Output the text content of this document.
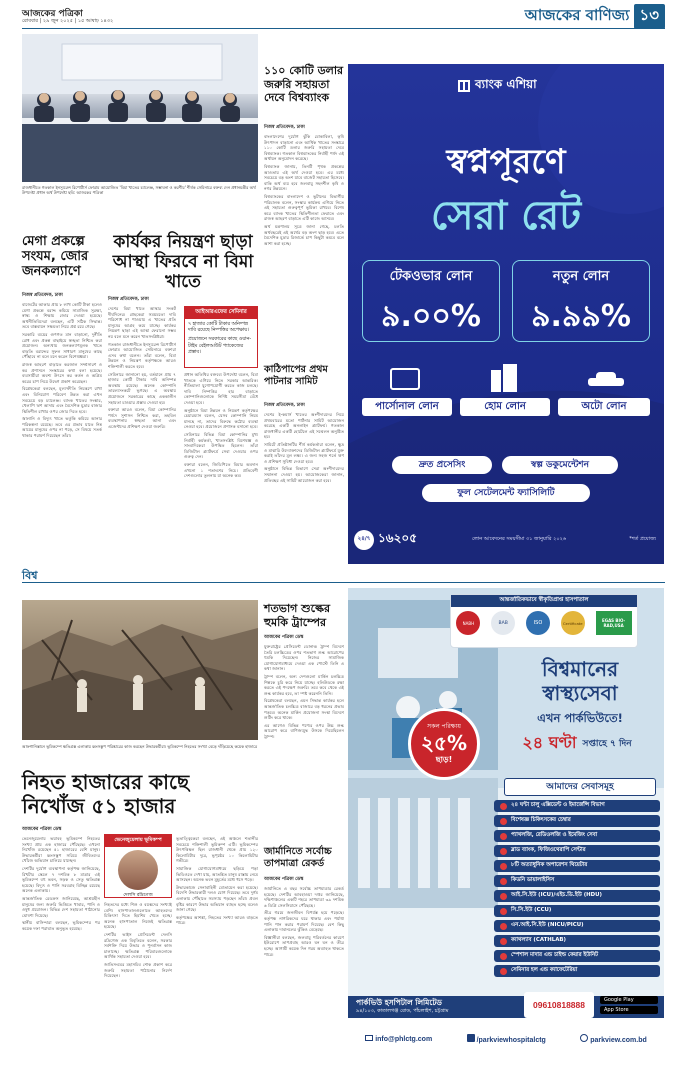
আজকের পত্রিকা
রোববার | ২৯ জুন ২০২৫ | ১৫ আষাঢ় ১৪৩২	আজকের বাণিজ্য ১৩
রাজধানীতে গতকাল ইনস্যুরেন্স রিপোর্টার্স ফোরাম আয়োজিত 'বিমা খাতের চ্যালেঞ্জ, সম্ভাবনা ও করণীয়' শীর্ষক সেমিনারে বক্তব্য দেন প্রধানমন্ত্রীর অর্থ উপদেষ্টা প্রধান অর্থ উপদেষ্টা ছবি: আজকের পত্রিকা
মেগা প্রকল্পে সংযম, জোর জনকল্যাণে
নিজস্ব প্রতিবেদক, ঢাকা

বাজেটের আকার প্রায় ৮ লাখ কোটি টাকা হলেও মেগা প্রকল্পে বরাদ্দ কমিয়ে সামাজিক সুরক্ষা, স্বাস্থ্য ও শিক্ষায় জোর দেওয়া হয়েছে। অর্থনীতিবিদেরা বলছেন, এটি সঠিক সিদ্ধান্ত। তবে বাস্তবায়ন সক্ষমতা নিয়ে প্রশ্ন রয়ে গেছে।

সরকারি ব্যয়ের গুণগত মান বাড়ানো, দুর্নীতি রোধ এবং প্রকল্প বাছাইয়ে স্বচ্ছতা নিশ্চিত করা প্রয়োজন। অন্যথায় জনকল্যাণমূলক খাতে বাড়তি বরাদ্দের সুফল সাধারণ মানুষের কাছে পৌঁছাবে না বলে মনে করেন বিশেষজ্ঞরা।

রাজস্ব আহরণ বাড়াতে করজাল সম্প্রসারণ ও কর প্রশাসনে সংস্কারের কথা বলা হয়েছে। ব্যবসায়ীরা অবশ্য উৎসে কর কর্তন ও অগ্রিম করের চাপ নিয়ে উদ্বেগ প্রকাশ করেছেন।

বিশ্লেষকেরা বলছেন, মূল্যস্ফীতি নিয়ন্ত্রণে রাখা এবং বিনিয়োগ পরিবেশ উন্নত করা এখন সবচেয়ে বড় চ্যালেঞ্জ। ব্যাংক খাতের সংস্কার, খেলাপি ঋণ আদায় এবং বৈদেশিক মুদ্রার বাজার স্থিতিশীল রাখার ওপর জোর দিতে হবে।

জ্বালানি ও বিদ্যুৎ খাতে ভর্তুকি কমিয়ে আনার পরিকল্পনা রয়েছে। তবে এর প্রভাব যাতে নিম্ন আয়ের মানুষের ওপর না পড়ে, সে বিষয়ে সতর্ক থাকার পরামর্শ দিয়েছেন তাঁরা।

কার্যকর নিয়ন্ত্রণ ছাড়া আস্থা ফিরবে না বিমা খাতে
নিজস্ব প্রতিবেদক, ঢাকা

দেশের বিমা খাতে আস্থার সংকট দীর্ঘদিনের। গ্রাহকেরা সময়মতো দাবি পরিশোধ না পাওয়ায় এ খাতের প্রতি মানুষের আগ্রহ কমে যাচ্ছে। কার্যকর নিয়ন্ত্রণ ছাড়া এই আস্থা ফেরানো সম্ভব নয় বলে মনে করেন খাতসংশ্লিষ্টরা।

গতকাল রাজধানীতে ইনস্যুরেন্স রিপোর্টার্স ফোরাম আয়োজিত সেমিনারে বক্তারা এসব কথা বলেন। তাঁরা বলেন, বিমা উন্নয়ন ও নিয়ন্ত্রণ কর্তৃপক্ষকে আরও শক্তিশালী করতে হবে।

সেমিনারে জানানো হয়, বর্তমানে প্রায় ৭ হাজার কোটি টাকার দাবি অনিষ্পন্ন অবস্থায় রয়েছে। অনেক কোম্পানি তারল্যসংকটে ভুগছে। এ অবস্থায় প্রয়োজনে সরকারের কাছে এককালীন সহায়তা চাওয়ার প্রস্তাব দেওয়া হয়।

বক্তারা আরও বলেন, বিমা কোম্পানির পর্ষদে সুশাসন নিশ্চিত করা, তহবিল ব্যবস্থাপনায় স্বচ্ছতা আনা এবং এজেন্টদের প্রশিক্ষণ দেওয়া জরুরি।

আইআরএফের সেমিনার
৭ হাজার কোটি টাকার অনিষ্পন্ন দাবি রয়েছে নিষ্পত্তির অপেক্ষায়।
প্রয়োজনে সরকারের কাছে ওয়ান-টাইম বেইলআউট প্যাকেজের প্রস্তাব।

প্রধান অতিথির বক্তব্যে উপদেষ্টা বলেন, বিমা খাতকে এগিয়ে নিতে সরকার আন্তরিক। নীতিমালা যুগোপযোগী করতে কাজ চলছে। দাবি নিষ্পত্তির হার বাড়াতে কোম্পানিগুলোকে নির্দিষ্ট সময়সীমা বেঁধে দেওয়া হবে।

অনুষ্ঠানে বিমা উন্নয়ন ও নিয়ন্ত্রণ কর্তৃপক্ষের চেয়ারম্যান বলেন, যেসব কোম্পানি নিয়ম মানছে না, তাদের বিরুদ্ধে কঠোর ব্যবস্থা নেওয়া হবে। প্রয়োজনে প্রশাসক বসানো হবে।

সেমিনারে বিভিন্ন বিমা কোম্পানির মুখ্য নির্বাহী কর্মকর্তা, খাতসংশ্লিষ্ট বিশেষজ্ঞ ও সাংবাদিকেরা উপস্থিত ছিলেন। তাঁরা ডিজিটাল প্ল্যাটফর্মে সেবা দেওয়ার ওপর গুরুত্ব দেন।

বক্তারা বলেন, জিডিপিতে বিমার অবদান এখনো ১ শতাংশের নিচে। প্রতিবেশী দেশগুলোর তুলনায় যা অনেক কম।

১১০ কোটি ডলার জরুরি সহায়তা দেবে বিশ্বব্যাংক
নিজস্ব প্রতিবেদক, ঢাকা

বাংলাদেশের দুর্যোগ ঝুঁকি মোকাবিলা, কৃষি উৎপাদন বাড়ানো এবং আর্থিক খাতের সংস্কারে ১১০ কোটি ডলার জরুরি সহায়তা দেবে বিশ্বব্যাংক। গতকাল বিশ্বব্যাংকের নির্বাহী পর্ষদ এই অর্থায়ন অনুমোদন করেছে।

বিশ্বব্যাংক জানায়, তিনটি পৃথক প্রকল্পের আওতায় এই অর্থ দেওয়া হবে। এর মধ্যে সবচেয়ে বড় অংশ যাবে বাজেট সহায়তা হিসেবে। বাকি অর্থ ব্যয় হবে জলবায়ু সহনশীল কৃষি ও নগর উন্নয়নে।

বিশ্বব্যাংকের বাংলাদেশ ও ভুটানের বিভাগীয় পরিচালক বলেন, সংস্কার কার্যক্রম এগিয়ে নিতে এই সহায়তা গুরুত্বপূর্ণ ভূমিকা রাখবে। বিশেষ করে ব্যাংক খাতের স্থিতিশীলতা ফেরাতে এবং রাজস্ব আহরণ বাড়াতে এটি কাজে আসবে।

অর্থ মন্ত্রণালয় সূত্রে জানা গেছে, চলতি অর্থবছরেই এই অর্থের বড় অংশ ছাড় হবে। এতে বৈদেশিক মুদ্রার রিজার্ভে চাপ কিছুটা কমবে বলে আশা করা হচ্ছে।

কাঠিপাপের প্রথম পাটনার সামিট
নিজস্ব প্রতিবেদক, ঢাকা

দেশের ই-কমার্স খাতের অংশীদারদের নিয়ে প্রথমবারের মতো পার্টনার সামিট আয়োজন করেছে একটি অনলাইন প্ল্যাটফর্ম। গতকাল রাজধানীর একটি হোটেলে এই সম্মেলন অনুষ্ঠিত হয়।

সামিটে প্রতিষ্ঠানটির শীর্ষ কর্মকর্তারা বলেন, ক্ষুদ্র ও মাঝারি উদ্যোক্তাদের ডিজিটাল প্ল্যাটফর্মে যুক্ত করাই তাঁদের মূল লক্ষ্য। এ জন্য সহজ শর্তে ঋণ ও প্রশিক্ষণ সুবিধা দেওয়া হবে।

অনুষ্ঠানে বিভিন্ন বিভাগে সেরা অংশীদারদের সম্মাননা দেওয়া হয়। আয়োজকেরা জানান, প্রতিবছর এই সামিট আয়োজন করা হবে।

ব্যাংক এশিয়া
স্বপ্নপূরণে
সেরা রেট
টেকওভার লোন
৯.০০%
নতুন লোন
৯.৯৯%
পার্সোনাল লোন	হোম লোন	অটো লোন
দ্রুত প্রসেসিং	স্বল্প ডকুমেন্টেশন
ফুল সেটেলমেন্ট ফ্যাসিলিটি
২৪/৭ ১৬২০৫	লোন আবেদনের সময়সীমা ৩১ জানুয়ারি ২০২৬	*শর্ত প্রযোজ্য
বিশ্ব
আফগানিস্তানে ভূমিকম্পে ক্ষতিগ্রস্ত এলাকায় ধ্বংসস্তূপ পরিষ্কারের কাজ করছেন উদ্ধারকর্মীরা। ভূমিকম্পে নিহতের সংখ্যা বেড়ে দাঁড়িয়েছে কয়েক হাজারে
নিহত হাজারের কাছে নিখোঁজ ৫১ হাজার
আজকের পত্রিকা ডেস্ক

ভেনেজুয়েলায় ভয়াবহ ভূমিকম্পে নিহতের সংখ্যা প্রায় এক হাজারে পৌঁছেছে। এখনো নিখোঁজ রয়েছেন ৫১ হাজারের বেশি মানুষ। উদ্ধারকর্মীরা ধ্বংসস্তূপ সরিয়ে জীবিতদের খোঁজে অভিযান চালিয়ে যাচ্ছেন।

দেশটির দুর্যোগ ব্যবস্থাপনা কর্তৃপক্ষ জানিয়েছে, রিখটার স্কেলে ৭ দশমিক ৮ মাত্রার এই ভূমিকম্পে বহু ভবন, সড়ক ও সেতু ক্ষতিগ্রস্ত হয়েছে। বিদ্যুৎ ও পানি সরবরাহ বিচ্ছিন্ন রয়েছে অনেক এলাকায়।

আন্তর্জাতিক রেডক্রস জানিয়েছে, আশ্রয়হীন মানুষের জন্য জরুরি ভিত্তিতে খাবার, পানি ও ওষুধ প্রয়োজন। বিভিন্ন দেশ সহায়তা পাঠানোর ঘোষণা দিয়েছে।

স্থানীয় বাসিন্দারা বলছেন, ভূমিকম্পের পর কয়েক দফা পরাঘাত অনুভূত হয়েছে।

ভেনেজুয়েলায় ভূমিকম্প
দেলসি রদ্রিগেজ

নিহতদের মধ্যে শিশু ও বয়স্কদের সংখ্যাই বেশি। হাসপাতালগুলোতে আহতদের চিকিৎসা দিতে হিমশিম খেতে হচ্ছে। অনেক হাসপাতাল নিজেই ক্ষতিগ্রস্ত হয়েছে।

দেশটির ভাইস প্রেসিডেন্ট দেলসি রদ্রিগেজ এক বিবৃতিতে বলেন, সরকার সর্বশক্তি দিয়ে উদ্ধার ও পুনর্বাসন কাজ চালাচ্ছে। ক্ষতিগ্রস্ত পরিবারগুলোকে আর্থিক সহায়তা দেওয়া হবে।

জাতিসংঘের মহাসচিব শোক প্রকাশ করে জরুরি সহায়তা পাঠানোর নির্দেশ দিয়েছেন।

ভূতাত্ত্বিকেরা বলছেন, এই অঞ্চলে শতাব্দীর সবচেয়ে শক্তিশালী ভূমিকম্প এটি। ভূমিকম্পের উৎপত্তিস্থল ছিল রাজধানী থেকে প্রায় ১২০ কিলোমিটার দূরে, ভূপৃষ্ঠের ১০ কিলোমিটার গভীরে।

সামাজিক যোগাযোগমাধ্যমে ছড়িয়ে পড়া ভিডিওতে দেখা যায়, আতঙ্কিত মানুষ রাস্তায় নেমে আসছেন। অনেক ভবন মুহূর্তের মধ্যে ধসে পড়ে।

উদ্ধারকাজে সেনাবাহিনী মোতায়েন করা হয়েছে। বিদেশি উদ্ধারকারী দলও যোগ দিয়েছে। তবে দুর্গম এলাকায় পৌঁছাতে সমস্যায় পড়ছেন তাঁরা। প্রবল বৃষ্টির কারণে উদ্ধার অভিযান ব্যাহত হচ্ছে বলেও জানা গেছে।

কর্তৃপক্ষের আশঙ্কা, নিহতের সংখ্যা আরও বাড়তে পারে।

শতভাগ শুল্কের হুমকি ট্রাম্পের
আজকের পত্রিকা ডেস্ক

যুক্তরাষ্ট্রের প্রেসিডেন্ট ডোনাল্ড ট্রাম্প বিদেশে তৈরি চলচ্চিত্রের ওপর শতভাগ শুল্ক আরোপের হুমকি দিয়েছেন। নিজের সামাজিক যোগাযোগমাধ্যমে দেওয়া এক পোস্টে তিনি এ কথা জানান।

ট্রাম্প বলেন, অন্য দেশগুলো মার্কিন চলচ্চিত্র শিল্পকে চুরি করে নিয়ে যাচ্ছে। হলিউডকে রক্ষা করতে এই পদক্ষেপ জরুরি। তবে কবে থেকে এই শুল্ক কার্যকর হবে, তা স্পষ্ট করেননি তিনি।

বিশ্লেষকেরা বলছেন, এমন সিদ্ধান্ত কার্যকর হলে আন্তর্জাতিক চলচ্চিত্র বাজারে বড় ধরনের প্রভাব পড়বে। অনেক মার্কিন প্রযোজনা সংস্থা বিদেশে শুটিং করে থাকে।

এর আগেও বিভিন্ন পণ্যের ওপর উচ্চ শুল্ক আরোপ করে বাণিজ্যযুদ্ধ উসকে দিয়েছিলেন ট্রাম্প।

জার্মানিতে সর্বোচ্চ তাপমাত্রা রেকর্ড
আজকের পত্রিকা ডেস্ক

জার্মানিতে এ বছর সর্বোচ্চ তাপমাত্রার রেকর্ড হয়েছে। দেশটির আবহাওয়া দপ্তর জানিয়েছে, দক্ষিণাঞ্চলের একটি শহরে তাপমাত্রা ৩৯ দশমিক ৬ ডিগ্রি সেলসিয়াসে পৌঁছেছে।

তীব্র গরমে জনজীবন বিপর্যস্ত হয়ে পড়েছে। কর্তৃপক্ষ নাগরিকদের ঘরে থাকার এবং পর্যাপ্ত পানি পান করার পরামর্শ দিয়েছে। বেশ কিছু এলাকায় দাবানলের ঝুঁকিও বেড়েছে।

বিজ্ঞানীরা বলছেন, জলবায়ু পরিবর্তনের কারণে ইউরোপে তাপপ্রবাহ আরও ঘন ঘন ও তীব্র হচ্ছে। আগামী কয়েক দিন গরম অব্যাহত থাকতে পারে।

আন্তর্জাতিকভাবে স্বীকৃতিপ্রাপ্ত হাসপাতাল
NABH	BAB	ISO	Certificate	EGAS BIO-RAD,USA
বিশ্বমানের
স্বাস্থ্যসেবা
এখন পার্কভিউতে!
২৪ ঘণ্টা সপ্তাহে ৭ দিন
সকল পরিক্ষায়
২৫%
ছাড়!
আমাদের সেবাসমূহ
২৪ ঘন্টা চালু এক্সিডেন্ট ও ইমার্জেন্সি বিভাগ
বিশেষজ্ঞ চিকিৎসকের চেম্বার
প্যাথলজি, রেডিওলজি ও ইমেজিং সেবা
ব্লাড ব্যাংক, ফিজিওথেরাপি সেন্টার
৮টি অত্যাধুনিক অপারেশন থিয়েটার
কিডনি ডায়ালাইসিস
আই.সি.ইউ (ICU)/এইচ.ডি.ইউ (HDU)
সি.সি.ইউ (CCU)
এন.আই.সি.ইউ (NICU/PICU)
ক্যাথল্যাব (CATHLAB)
স্পেশাল মাদার এন্ড চাইল্ড কেয়ার ইউনিট
সেমিনার হল এন্ড ক্যাফেটেরিয়া
পার্কভিউ হসপিটাল লিমিটেড
৯৪/১০৩, কাতালগঞ্জ রোড, পাঁচলাইশ, চট্টগ্রাম
09610818888	Google Play
App Store
info@phlctg.com	/parkviewhospitalctg	parkview.com.bd
